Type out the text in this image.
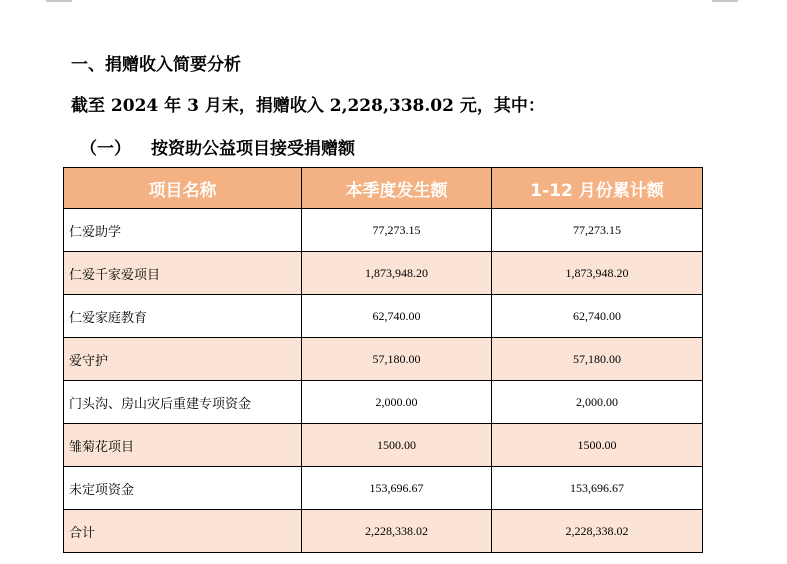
一、捐赠收入简要分析
截至 2024 年 3 月末，捐赠收入 2,228,338.02 元，其中：
（一） 按资助公益项目接受捐赠额
项目名称	本季度发生额	1-12 月份累计额
仁爱助学	77,273.15	77,273.15
仁爱千家爱项目	1,873,948.20	1,873,948.20
仁爱家庭教育	62,740.00	62,740.00
爱守护	57,180.00	57,180.00
门头沟、房山灾后重建专项资金	2,000.00	2,000.00
雏菊花项目	1500.00	1500.00
未定项资金	153,696.67	153,696.67
合计	2,228,338.02	2,228,338.02
